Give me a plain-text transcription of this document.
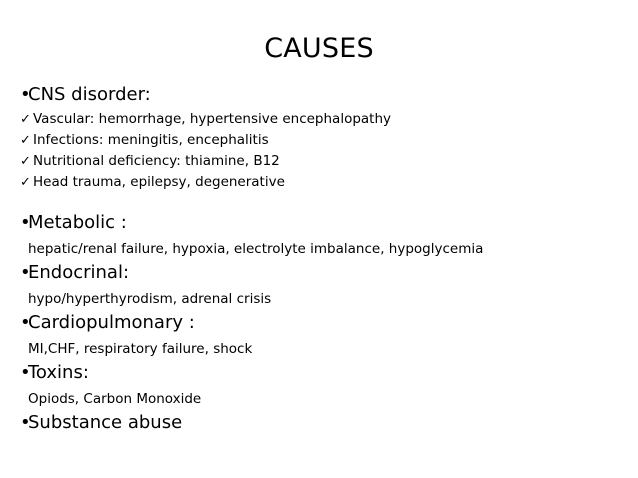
CAUSES
•CNS disorder:
✓ Vascular: hemorrhage, hypertensive encephalopathy
✓ Infections: meningitis, encephalitis
✓ Nutritional deficiency: thiamine, B12
✓ Head trauma, epilepsy, degenerative
•Metabolic :
hepatic/renal failure, hypoxia, electrolyte imbalance, hypoglycemia
•Endocrinal:
hypo/hyperthyrodism, adrenal crisis
•Cardiopulmonary :
MI,CHF, respiratory failure, shock
•Toxins:
Opiods, Carbon Monoxide
•Substance abuse
